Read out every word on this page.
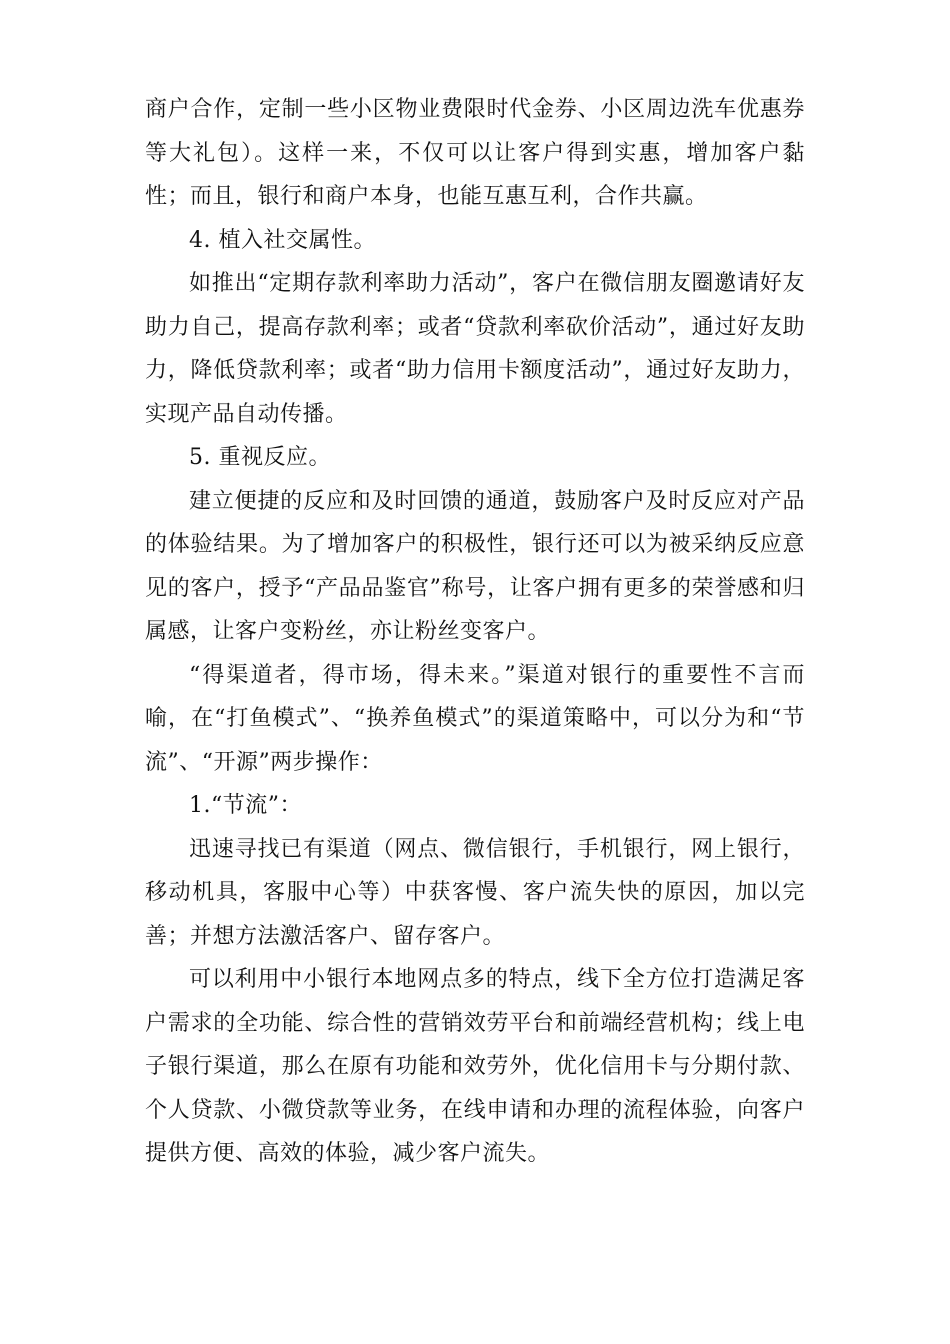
商户合作，定制一些小区物业费限时代金券、小区周边洗车优惠券等大礼包）。这样一来，不仅可以让客户得到实惠，增加客户黏性；而且，银行和商户本身，也能互惠互利，合作共赢。

4. 植入社交属性。

如推出“定期存款利率助力活动”，客户在微信朋友圈邀请好友助力自己，提高存款利率；或者“贷款利率砍价活动”，通过好友助力，降低贷款利率；或者“助力信用卡额度活动”，通过好友助力，实现产品自动传播。

5. 重视反应。

建立便捷的反应和及时回馈的通道，鼓励客户及时反应对产品的体验结果。为了增加客户的积极性，银行还可以为被采纳反应意见的客户，授予“产品品鉴官”称号，让客户拥有更多的荣誉感和归属感，让客户变粉丝，亦让粉丝变客户。

“得渠道者，得市场，得未来。”渠道对银行的重要性不言而喻，在“打鱼模式”、“换养鱼模式”的渠道策略中，可以分为和“节流”、“开源”两步操作：

1.“节流”：

迅速寻找已有渠道（网点、微信银行，手机银行，网上银行，移动机具，客服中心等）中获客慢、客户流失快的原因，加以完善；并想方法激活客户、留存客户。

可以利用中小银行本地网点多的特点，线下全方位打造满足客户需求的全功能、综合性的营销效劳平台和前端经营机构；线上电子银行渠道，那么在原有功能和效劳外，优化信用卡与分期付款、个人贷款、小微贷款等业务，在线申请和办理的流程体验，向客户提供方便、高效的体验，减少客户流失。
